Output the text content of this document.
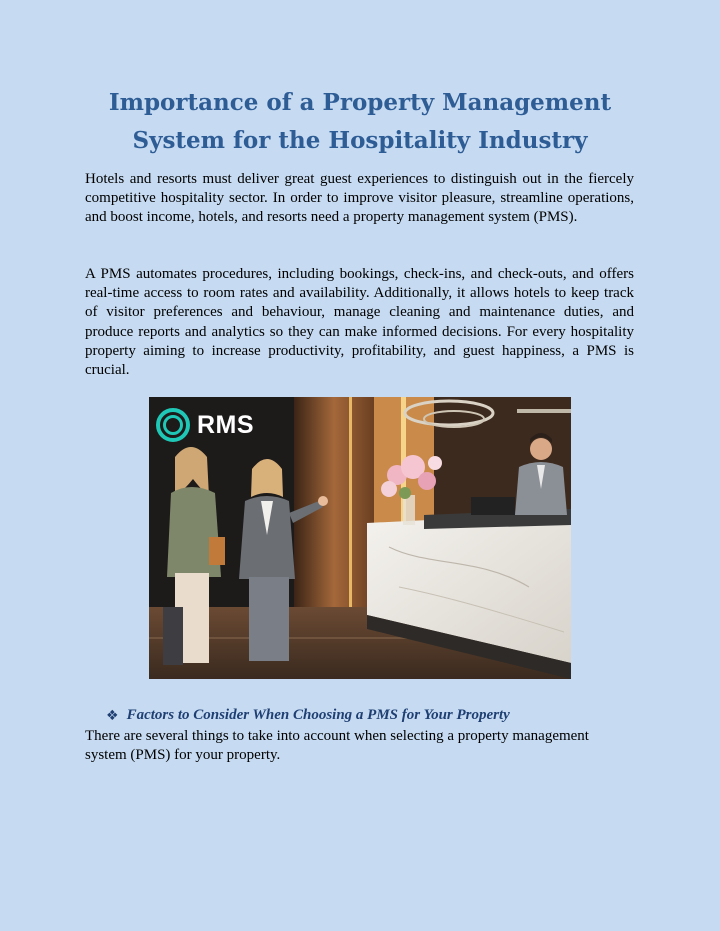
Importance of a Property Management System for the Hospitality Industry

Hotels and resorts must deliver great guest experiences to distinguish out in the fiercely competitive hospitality sector. In order to improve visitor pleasure, streamline operations, and boost income, hotels, and resorts need a property management system (PMS).

A PMS automates procedures, including bookings, check-ins, and check-outs, and offers real-time access to room rates and availability. Additionally, it allows hotels to keep track of visitor preferences and behaviour, manage cleaning and maintenance duties, and produce reports and analytics so they can make informed decisions. For every hospitality property aiming to increase productivity, profitability, and guest happiness, a PMS is crucial.

RMS
❖ Factors to Consider When Choosing a PMS for Your Property

There are several things to take into account when selecting a property management system (PMS) for your property.
